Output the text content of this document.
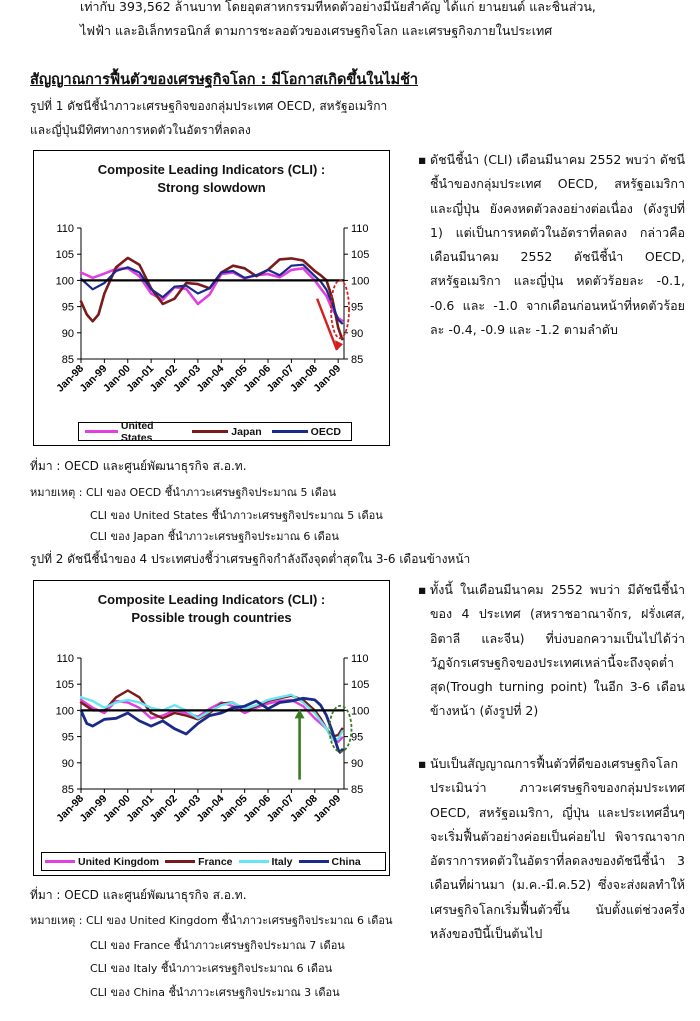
เท่ากับ 393,562 ล้านบาท โดยอุตสาหกรรมที่หดตัวอย่างมีนัยสำคัญ ได้แก่ ยานยนต์ และชิ้นส่วน,
ไฟฟ้า และอิเล็กทรอนิกส์ ตามการชะลอตัวของเศรษฐกิจโลก และเศรษฐกิจภายในประเทศ
สัญญาณการฟื้นตัวของเศรษฐกิจโลก : มีโอกาสเกิดขึ้นในไม่ช้า
รูปที่ 1 ดัชนีชี้นำภาวะเศรษฐกิจของกลุ่มประเทศ OECD, สหรัฐอเมริกา
และญี่ปุ่นมีทิศทางการหดตัวในอัตราที่ลดลง
Composite Leading Indicators (CLI) :
Strong slowdown
85	85
90	90
95	95
100	100
105	105
110	110
Jan-98
Jan-99
Jan-00
Jan-01
Jan-02
Jan-03
Jan-04
Jan-05
Jan-06
Jan-07
Jan-08
Jan-09
United States	Japan	OECD
▪ ดัชนีชี้นำ (CLI) เดือนมีนาคม 2552 พบว่า ดัชนีชี้นำของกลุ่มประเทศ OECD, สหรัฐอเมริกา และญี่ปุ่น ยังคงหดตัวลงอย่างต่อเนื่อง (ดังรูปที่ 1) แต่เป็นการหดตัวในอัตราที่ลดลง กล่าวคือ เดือนมีนาคม 2552 ดัชนีชี้นำ OECD, สหรัฐอเมริกา และญี่ปุ่น หดตัวร้อยละ -0.1, -0.6 และ -1.0 จากเดือนก่อนหน้าที่หดตัวร้อยละ -0.4, -0.9 และ -1.2 ตามลำดับ
ที่มา : OECD และศูนย์พัฒนาธุรกิจ ส.อ.ท.
หมายเหตุ : CLI ของ OECD ชี้นำภาวะเศรษฐกิจประมาณ 5 เดือน
CLI ของ United States ชี้นำภาวะเศรษฐกิจประมาณ 5 เดือน
CLI ของ Japan ชี้นำภาวะเศรษฐกิจประมาณ 6 เดือน
รูปที่ 2 ดัชนีชี้นำของ 4 ประเทศบ่งชี้ว่าเศรษฐกิจกำลังถึงจุดต่ำสุดใน 3-6 เดือนข้างหน้า
Composite Leading Indicators (CLI) :
Possible trough countries
85	85
90	90
95	95
100	100
105	105
110	110
Jan-98
Jan-99
Jan-00
Jan-01
Jan-02
Jan-03
Jan-04
Jan-05
Jan-06
Jan-07
Jan-08
Jan-09
United Kingdom	France	Italy	China
▪ ทั้งนี้ ในเดือนมีนาคม 2552 พบว่า มีดัชนีชี้นำของ 4 ประเทศ (สหราชอาณาจักร, ฝรั่งเศส, อิตาลี และจีน) ที่บ่งบอกความเป็นไปได้ว่าวัฏจักรเศรษฐกิจของประเทศเหล่านี้จะถึงจุดต่ำสุด(Trough turning point) ในอีก 3-6 เดือนข้างหน้า (ดังรูปที่ 2)
▪ นับเป็นสัญญาณการฟื้นตัวที่ดีของเศรษฐกิจโลก ประเมินว่า ภาวะเศรษฐกิจของกลุ่มประเทศ OECD, สหรัฐอเมริกา, ญี่ปุ่น และประเทศอื่นๆ จะเริ่มฟื้นตัวอย่างค่อยเป็นค่อยไป พิจารณาจากอัตราการหดตัวในอัตราที่ลดลงของดัชนีชี้นำ 3 เดือนที่ผ่านมา (ม.ค.-มี.ค.52) ซึ่งจะส่งผลทำให้เศรษฐกิจโลกเริ่มฟื้นตัวขึ้น นับตั้งแต่ช่วงครึ่งหลังของปีนี้เป็นต้นไป
ที่มา : OECD และศูนย์พัฒนาธุรกิจ ส.อ.ท.
หมายเหตุ : CLI ของ United Kingdom ชี้นำภาวะเศรษฐกิจประมาณ 6 เดือน
CLI ของ France ชี้นำภาวะเศรษฐกิจประมาณ 7 เดือน
CLI ของ Italy ชี้นำภาวะเศรษฐกิจประมาณ 6 เดือน
CLI ของ China ชี้นำภาวะเศรษฐกิจประมาณ 3 เดือน
